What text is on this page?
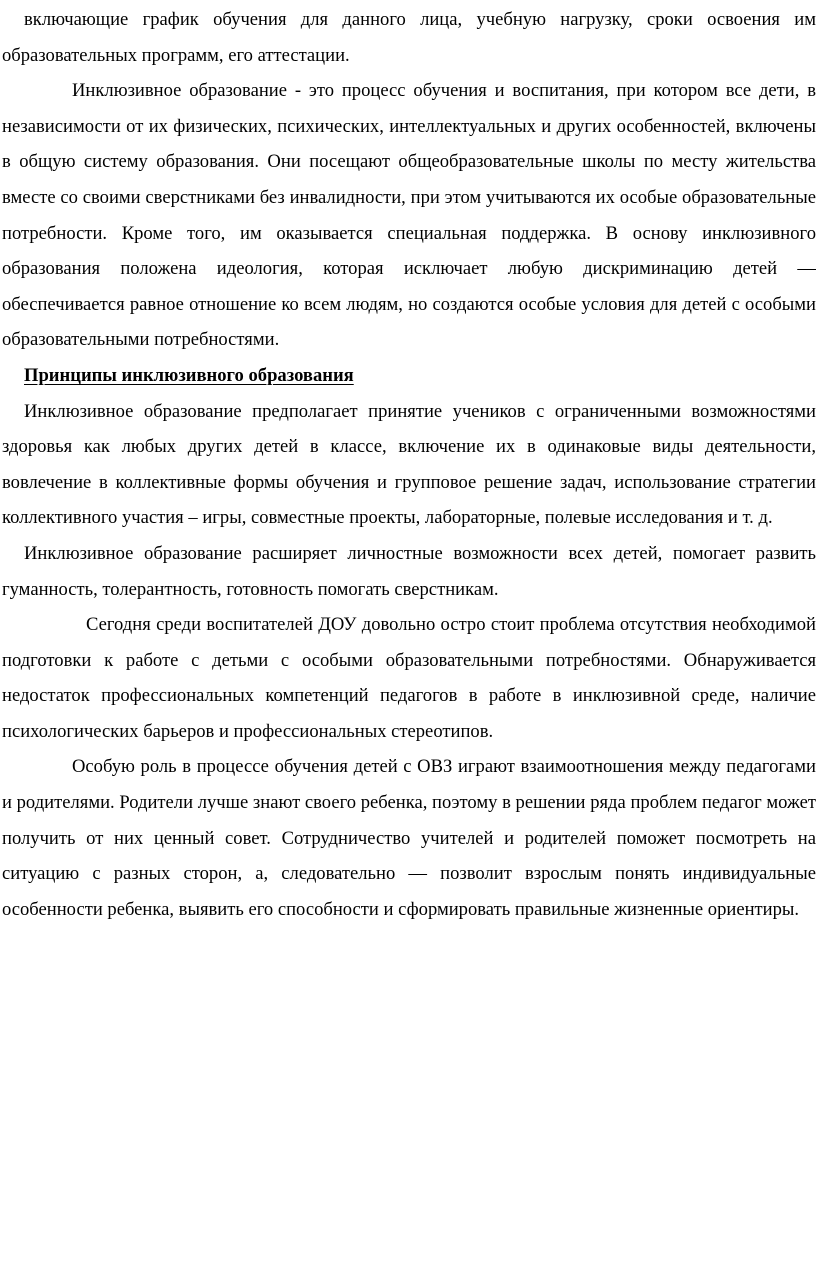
включающие график обучения для данного лица, учебную нагрузку, сроки освоения им образовательных программ, его аттестации.

Инклюзивное образование - это процесс обучения и воспитания, при котором все дети, в независимости от их физических, психических, интеллектуальных и других особенностей, включены в общую систему образования. Они посещают общеобразовательные школы по месту жительства вместе со своими сверстниками без инвалидности, при этом учитываются их особые образовательные потребности. Кроме того, им оказывается специальная поддержка. В основу инклюзивного образования положена идеология, которая исключает любую дискриминацию детей — обеспечивается равное отношение ко всем людям, но создаются особые условия для детей с особыми образовательными потребностями.

Принципы инклюзивного образования

Инклюзивное образование предполагает принятие учеников с ограниченными возможностями здоровья как любых других детей в классе, включение их в одинаковые виды деятельности, вовлечение в коллективные формы обучения и групповое решение задач, использование стратегии коллективного участия – игры, совместные проекты, лабораторные, полевые исследования и т. д.

Инклюзивное образование расширяет личностные возможности всех детей, помогает развить гуманность, толерантность, готовность помогать сверстникам.

Сегодня среди воспитателей ДОУ довольно остро стоит проблема отсутствия необходимой подготовки к работе с детьми с особыми образовательными потребностями. Обнаруживается недостаток профессиональных компетенций педагогов в работе в инклюзивной среде, наличие психологических барьеров и профессиональных стереотипов.

Особую роль в процессе обучения детей с ОВЗ играют взаимоотношения между педагогами и родителями. Родители лучше знают своего ребенка, поэтому в решении ряда проблем педагог может получить от них ценный совет. Сотрудничество учителей и родителей поможет посмотреть на ситуацию с разных сторон, а, следовательно — позволит взрослым понять индивидуальные особенности ребенка, выявить его способности и сформировать правильные жизненные ориентиры.
